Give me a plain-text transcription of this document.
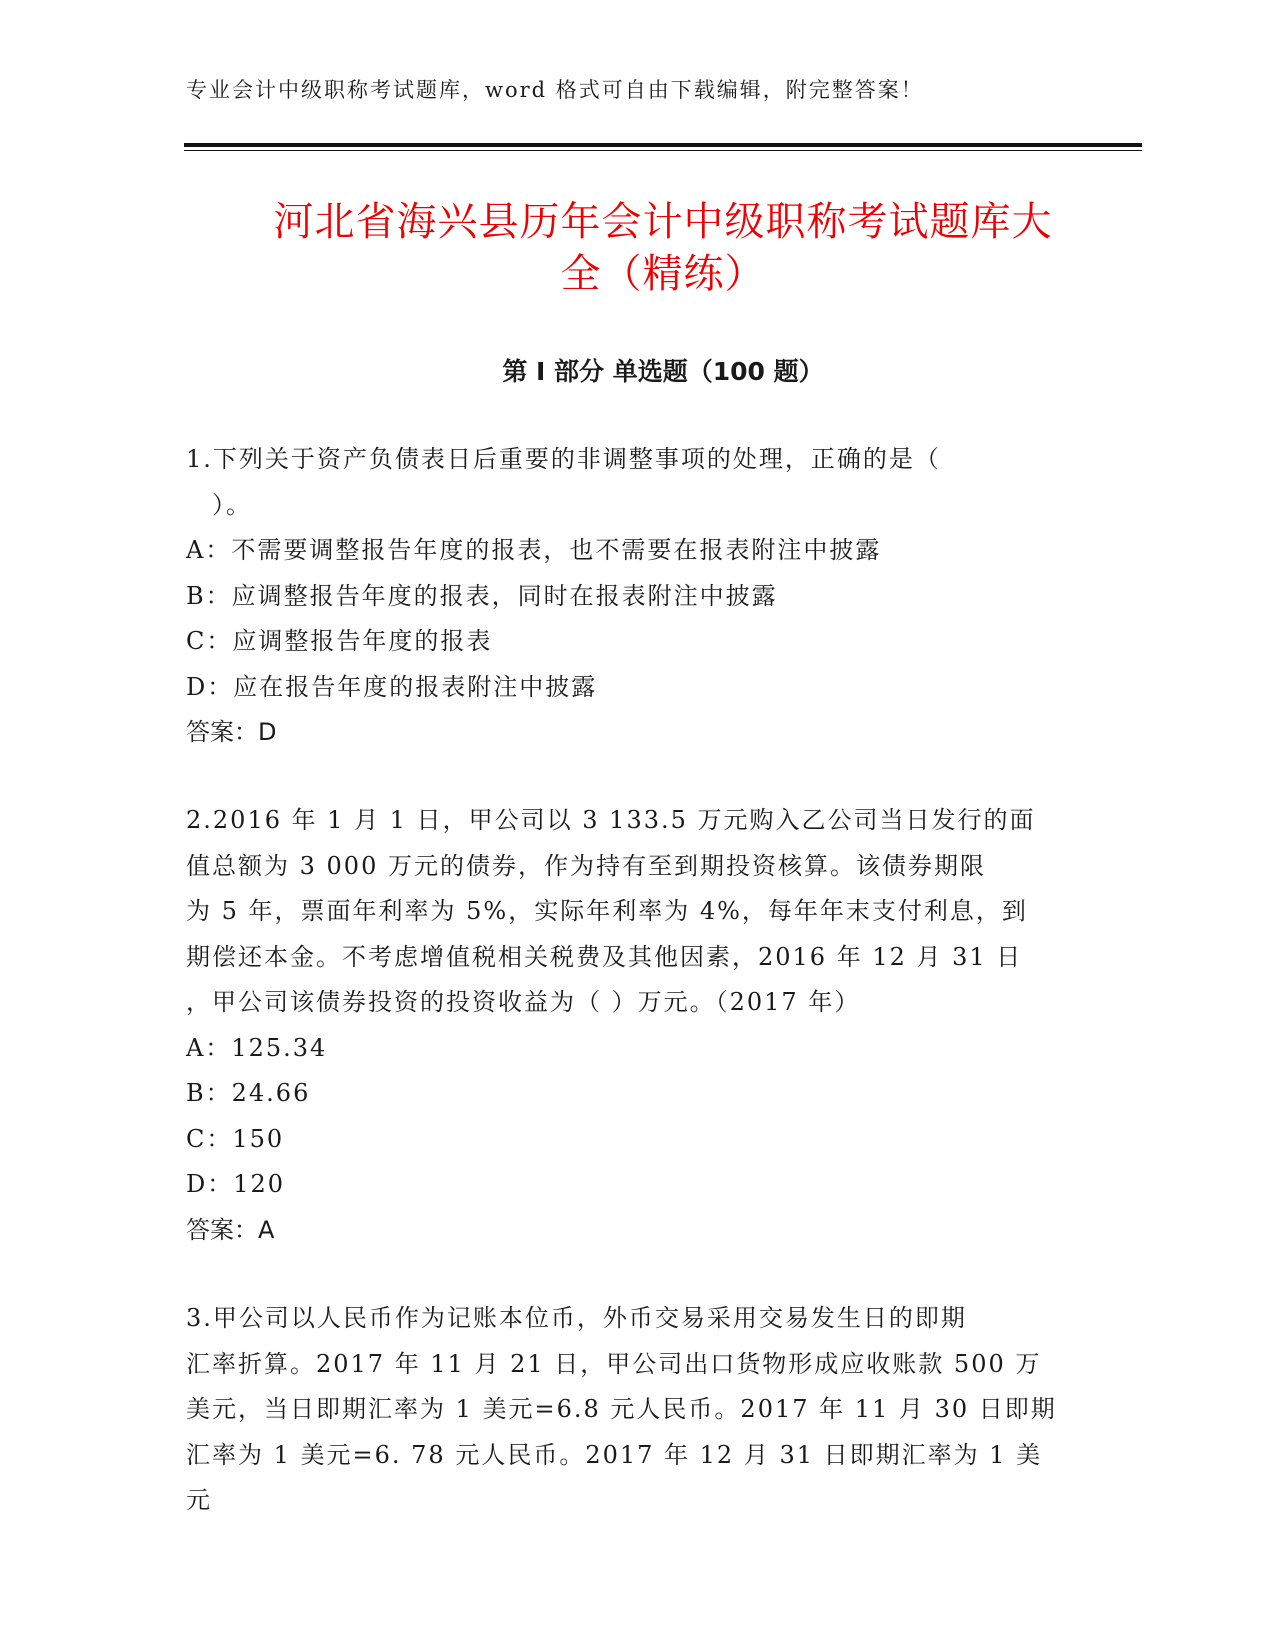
专业会计中级职称考试题库，word 格式可自由下载编辑，附完整答案！
河北省海兴县历年会计中级职称考试题库大
全（精练）
第 I 部分 单选题（100 题）

1.下列关于资产负债表日后重要的非调整事项的处理，正确的是（

　）。

A：不需要调整报告年度的报表，也不需要在报表附注中披露

B：应调整报告年度的报表，同时在报表附注中披露

C：应调整报告年度的报表

D：应在报告年度的报表附注中披露

答案：D

2.2016 年 1 月 1 日，甲公司以 3 133.5 万元购入乙公司当日发行的面

值总额为 3 000 万元的债券，作为持有至到期投资核算。该债券期限

为 5 年，票面年利率为 5%，实际年利率为 4%，每年年末支付利息，到

期偿还本金。不考虑增值税相关税费及其他因素，2016 年 12 月 31 日

，甲公司该债券投资的投资收益为（ ）万元。（2017 年）

A：125.34

B：24.66

C：150

D：120

答案：A

3.甲公司以人民币作为记账本位币，外币交易采用交易发生日的即期

汇率折算。2017 年 11 月 21 日，甲公司出口货物形成应收账款 500 万

美元，当日即期汇率为 1 美元=6.8 元人民币。2017 年 11 月 30 日即期

汇率为 1 美元=6. 78 元人民币。2017 年 12 月 31 日即期汇率为 1 美元
